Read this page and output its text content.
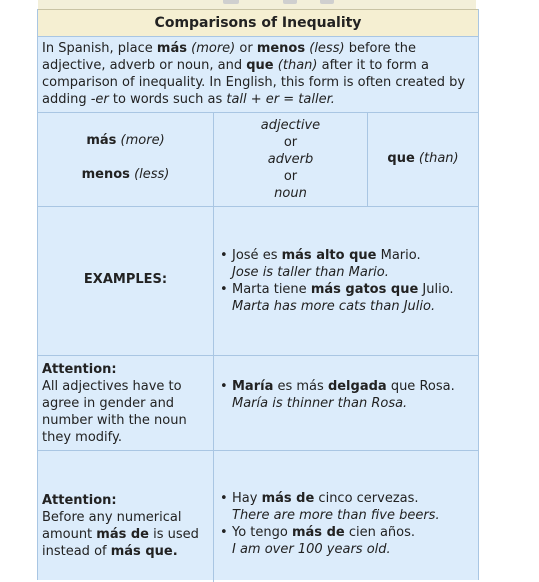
Comparisons of Inequality
In Spanish, place más (more) or menos (less) before the adjective, adverb or noun, and que (than) after it to form a comparison of inequality. In English, this form is often created by adding -er to words such as tall + er = taller.
más (more)
menos (less)
adjective
or
adverb
or
noun
que (than)
EXAMPLES:
• José es más alto que Mario.
Jose is taller than Mario.
• Marta tiene más gatos que Julio.
Marta has more cats than Julio.
Attention:
All adjectives have to agree in gender and number with the noun they modify.
• María es más delgada que Rosa.
María is thinner than Rosa.
Attention:
Before any numerical amount más de is used instead of más que.
• Hay más de cinco cervezas.
There are more than five beers.
• Yo tengo más de cien años.
I am over 100 years old.
